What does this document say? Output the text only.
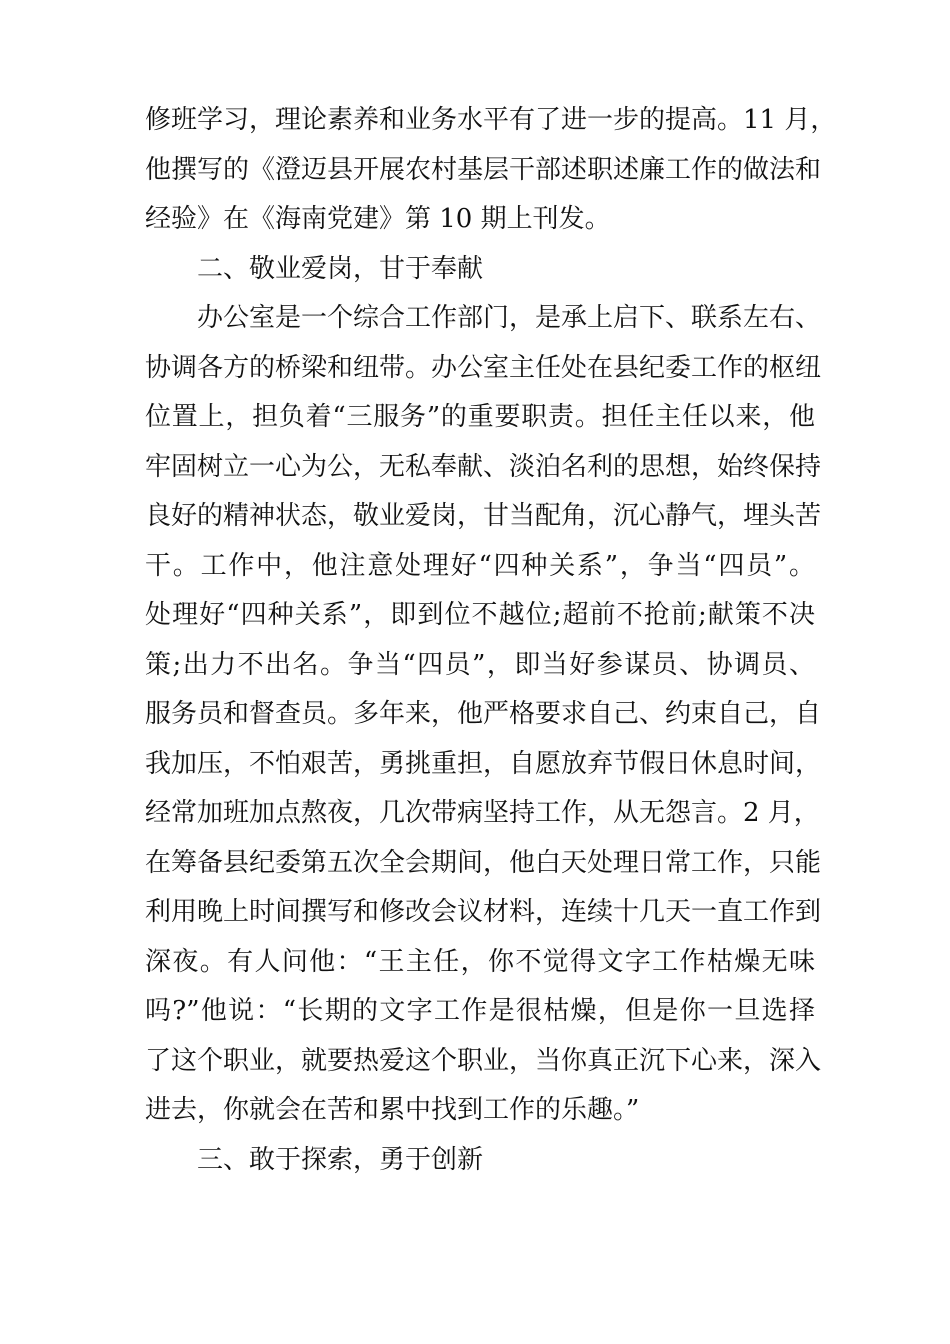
修班学习，理论素养和业务水平有了进一步的提高。11 月，
他撰写的《澄迈县开展农村基层干部述职述廉工作的做法和
经验》在《海南党建》第 10 期上刊发。
二、敬业爱岗，甘于奉献
办公室是一个综合工作部门，是承上启下、联系左右、
协调各方的桥梁和纽带。办公室主任处在县纪委工作的枢纽
位置上，担负着“三服务”的重要职责。担任主任以来，他
牢固树立一心为公，无私奉献、淡泊名利的思想，始终保持
良好的精神状态，敬业爱岗，甘当配角，沉心静气，埋头苦
干。工作中，他注意处理好“四种关系”，争当“四员”。
处理好“四种关系”，即到位不越位;超前不抢前;献策不决
策;出力不出名。争当“四员”，即当好参谋员、协调员、
服务员和督查员。多年来，他严格要求自己、约束自己，自
我加压，不怕艰苦，勇挑重担，自愿放弃节假日休息时间，
经常加班加点熬夜，几次带病坚持工作，从无怨言。2 月，
在筹备县纪委第五次全会期间，他白天处理日常工作，只能
利用晚上时间撰写和修改会议材料，连续十几天一直工作到
深夜。有人问他：“王主任，你不觉得文字工作枯燥无味
吗?”他说：“长期的文字工作是很枯燥，但是你一旦选择
了这个职业，就要热爱这个职业，当你真正沉下心来，深入
进去，你就会在苦和累中找到工作的乐趣。”
三、敢于探索，勇于创新
